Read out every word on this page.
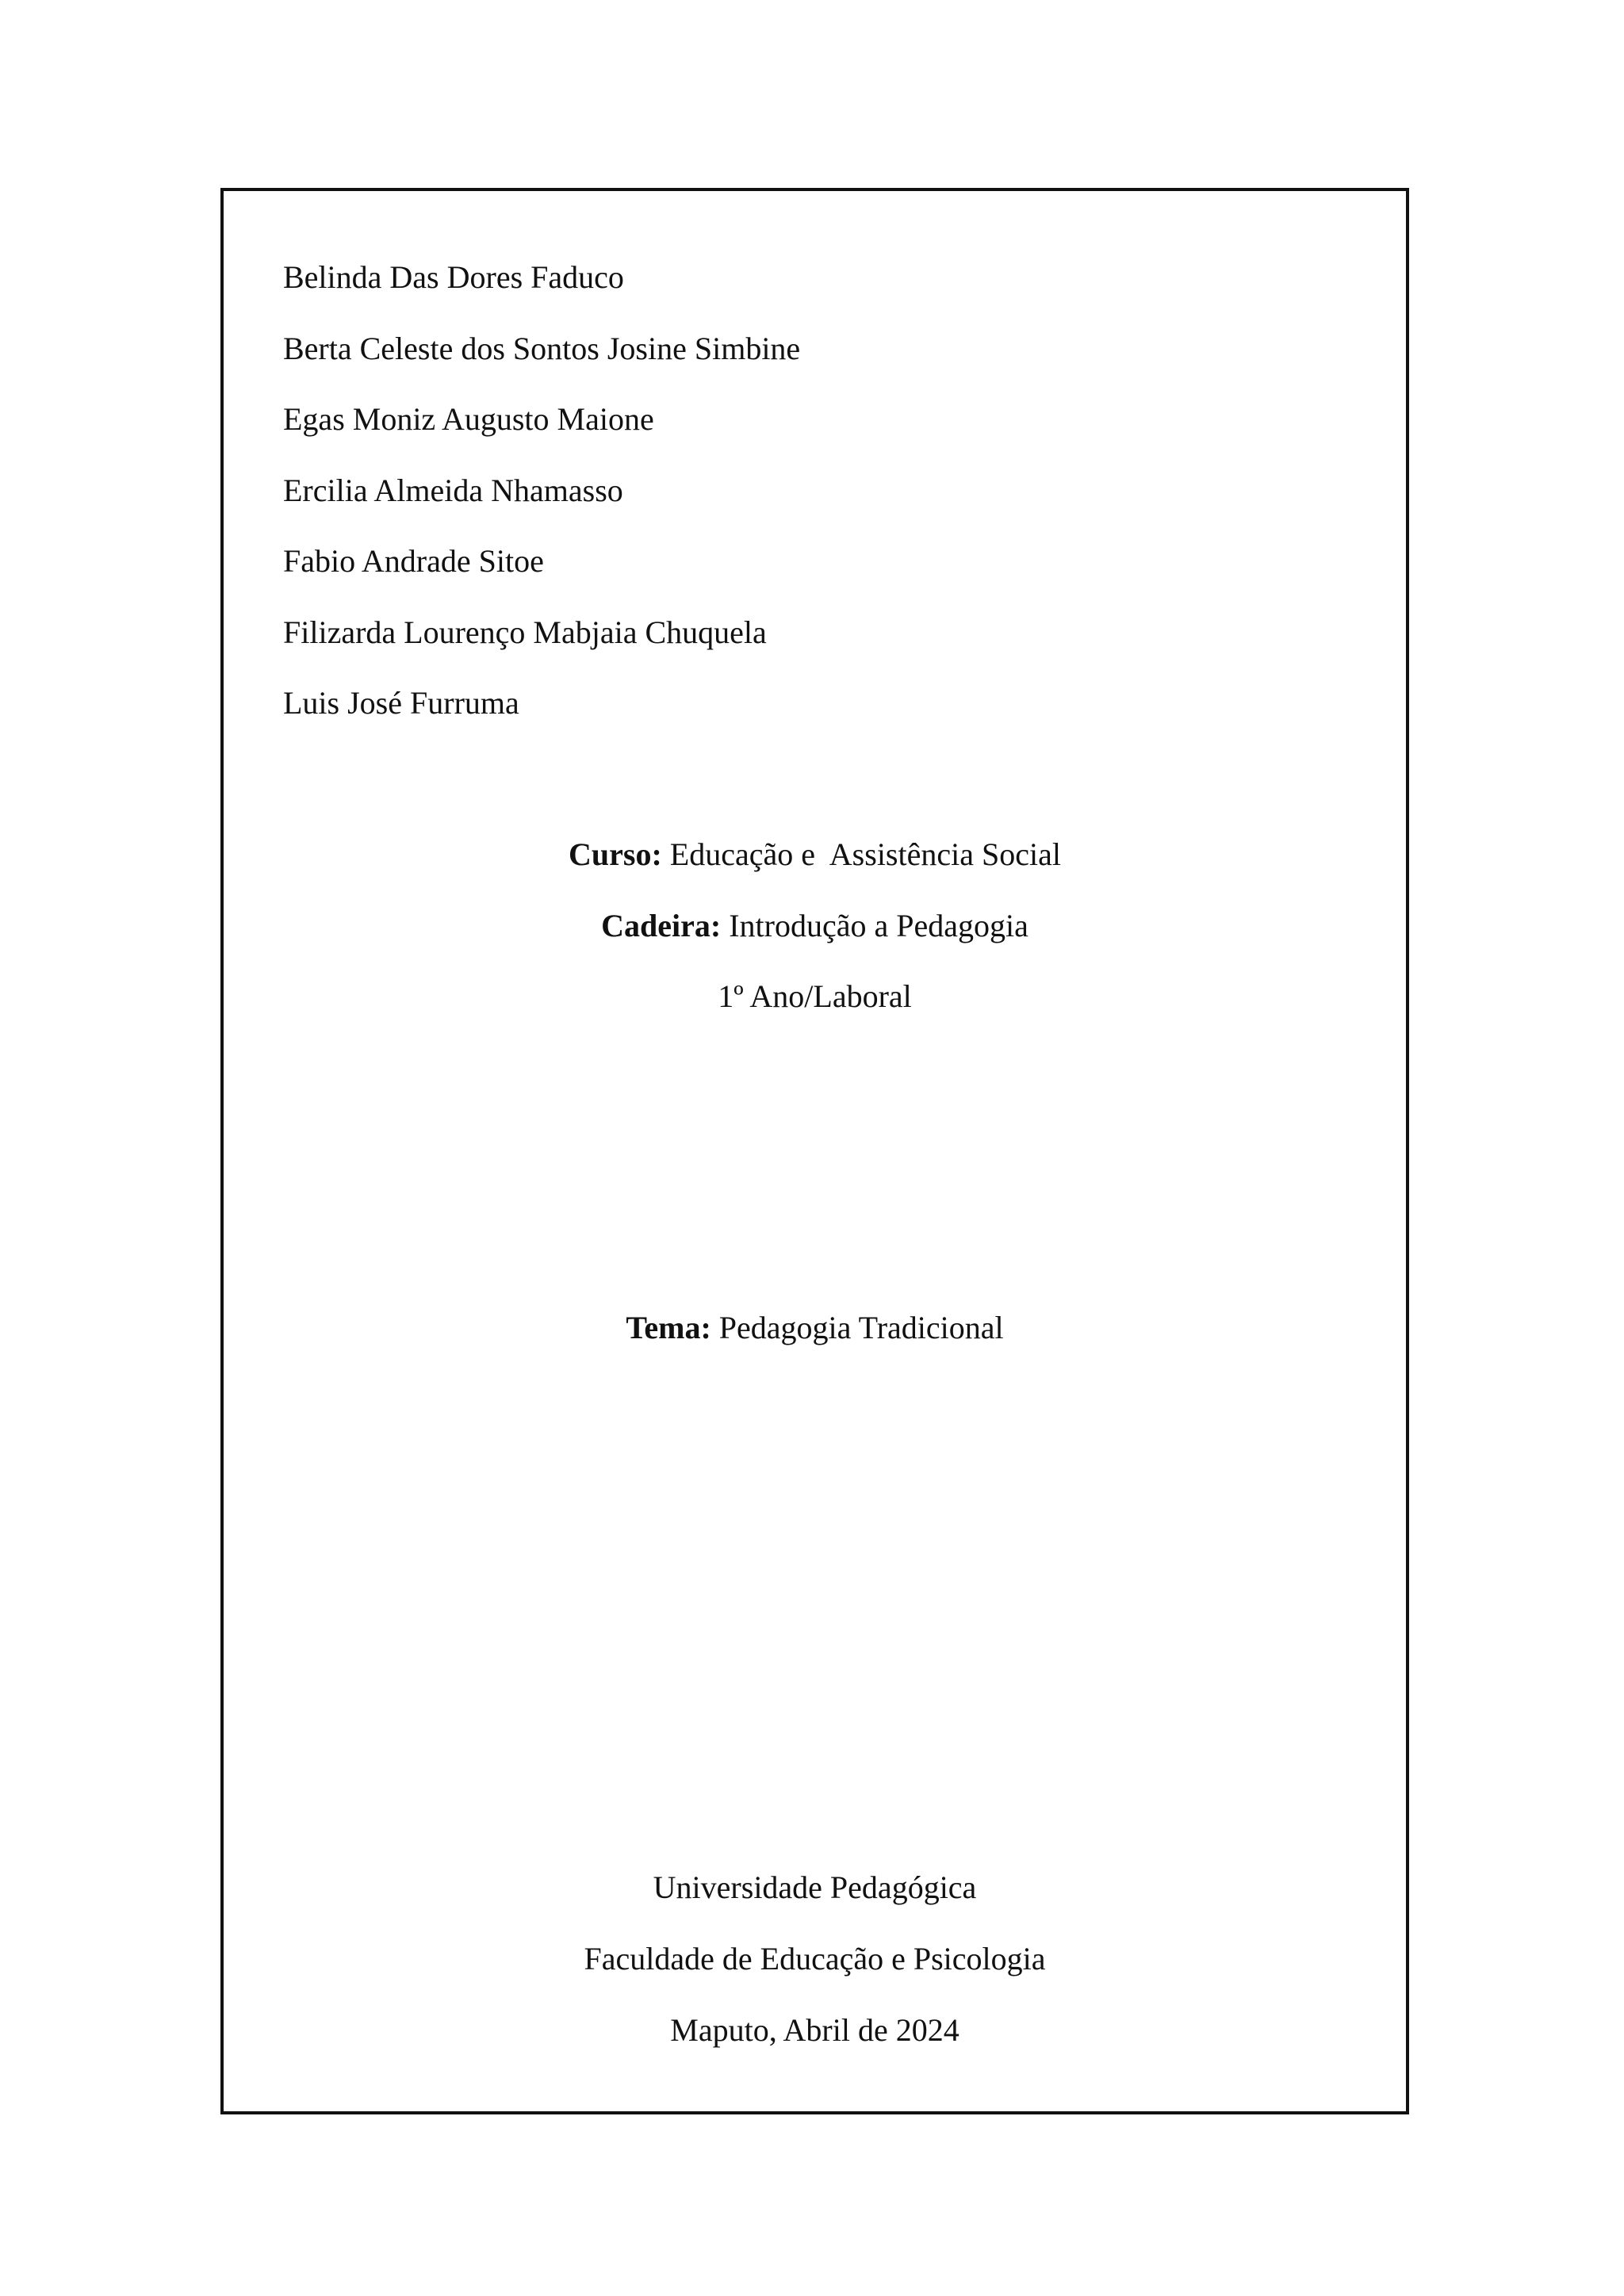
Belinda Das Dores Faduco
Berta Celeste dos Sontos Josine Simbine
Egas Moniz Augusto Maione
Ercilia Almeida Nhamasso
Fabio Andrade Sitoe
Filizarda Lourenço Mabjaia Chuquela
Luis José Furruma
Curso: Educação e  Assistência Social
Cadeira: Introdução a Pedagogia
1º Ano/Laboral
Tema: Pedagogia Tradicional
Universidade Pedagógica
Faculdade de Educação e Psicologia
Maputo, Abril de 2024
